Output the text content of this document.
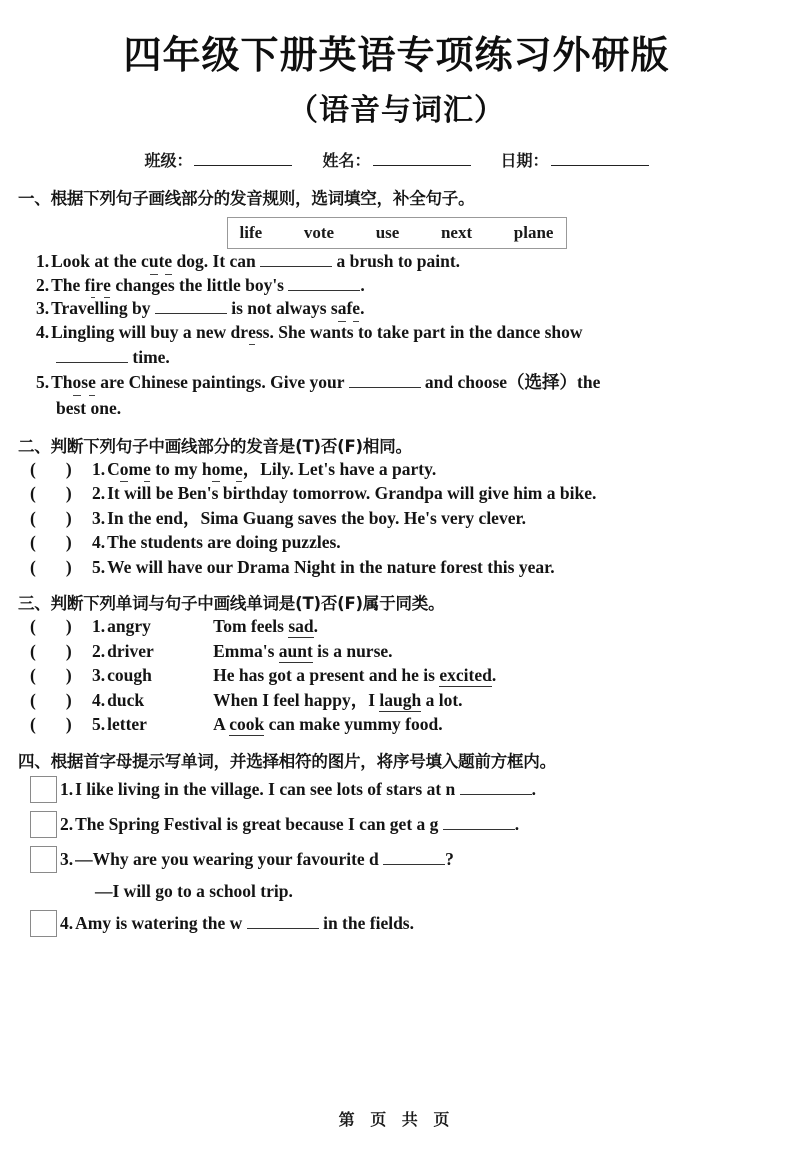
四年级下册英语专项练习外研版
（语音与词汇）
班级：	姓名：	日期：
一、根据下列句子画线部分的发音规则，选词填空，补全句子。
life vote use next plane
1. Look at the cute dog. It can	a brush to paint.
2. The fire changes the little boy's	.
3. Travelling by	is not always safe.
4. Lingling will buy a new dress. She wants to take part in the dance show
time.
5. Those are Chinese paintings. Give your	and choose（选择）the
best one.
二、判断下列句子中画线部分的发音是(T)否(F)相同。
( )	1. Come to my home，Lily. Let's have a party.
( )	2. It will be Ben's birthday tomorrow. Grandpa will give him a bike.
( )	3. In the end，Sima Guang saves the boy. He's very clever.
( )	4. The students are doing puzzles.
( )	5. We will have our Drama Night in the nature forest this year.
三、判断下列单词与句子中画线单词是(T)否(F)属于同类。
( )	1. angry	Tom feels sad.
( )	2. driver	Emma's aunt is a nurse.
( )	3. cough	He has got a present and he is excited.
( )	4. duck	When I feel happy，I laugh a lot.
( )	5. letter	A cook can make yummy food.
四、根据首字母提示写单词，并选择相符的图片，将序号填入题前方框内。
1. I like living in the village. I can see lots of stars at n	.
2. The Spring Festival is great because I can get a g	.
3. —Why are you wearing your favourite d	?
—I will go to a school trip.
4. Amy is watering the w	in the fields.
第 页 共 页
